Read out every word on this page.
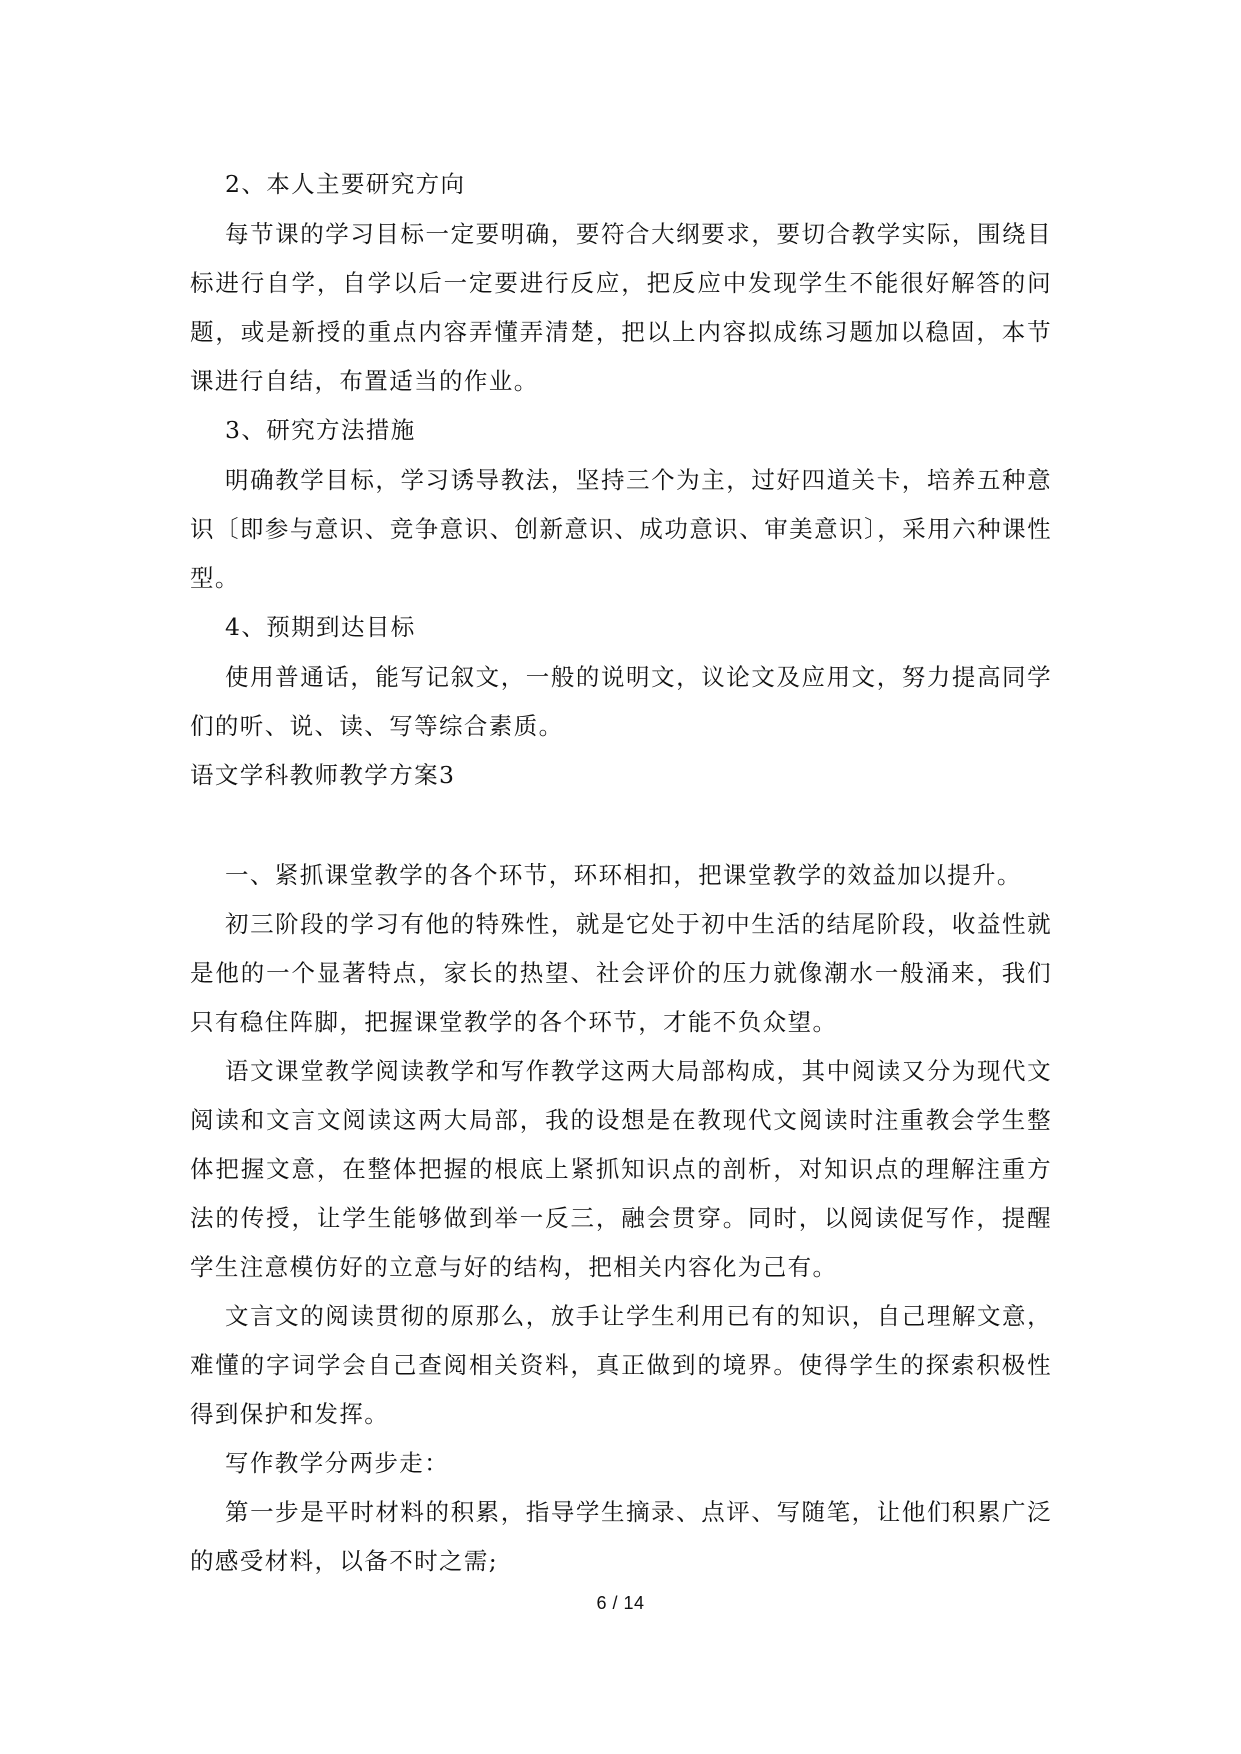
2、本人主要研究方向

每节课的学习目标一定要明确，要符合大纲要求，要切合教学实际，围绕目标进行自学，自学以后一定要进行反应，把反应中发现学生不能很好解答的问题，或是新授的重点内容弄懂弄清楚，把以上内容拟成练习题加以稳固，本节课进行自结，布置适当的作业。

3、研究方法措施

明确教学目标，学习诱导教法，坚持三个为主，过好四道关卡，培养五种意识〔即参与意识、竞争意识、创新意识、成功意识、审美意识〕，采用六种课性型。

4、预期到达目标

使用普通话，能写记叙文，一般的说明文，议论文及应用文，努力提高同学们的听、说、读、写等综合素质。

语文学科教师教学方案3

一、紧抓课堂教学的各个环节，环环相扣，把课堂教学的效益加以提升。

初三阶段的学习有他的特殊性，就是它处于初中生活的结尾阶段，收益性就是他的一个显著特点，家长的热望、社会评价的压力就像潮水一般涌来，我们只有稳住阵脚，把握课堂教学的各个环节，才能不负众望。

语文课堂教学阅读教学和写作教学这两大局部构成，其中阅读又分为现代文阅读和文言文阅读这两大局部，我的设想是在教现代文阅读时注重教会学生整体把握文意，在整体把握的根底上紧抓知识点的剖析，对知识点的理解注重方法的传授，让学生能够做到举一反三，融会贯穿。同时，以阅读促写作，提醒学生注意模仿好的立意与好的结构，把相关内容化为己有。

文言文的阅读贯彻的原那么，放手让学生利用已有的知识，自己理解文意，难懂的字词学会自己查阅相关资料，真正做到的境界。使得学生的探索积极性得到保护和发挥。

写作教学分两步走：

第一步是平时材料的积累，指导学生摘录、点评、写随笔，让他们积累广泛的感受材料，以备不时之需;

6 / 14
